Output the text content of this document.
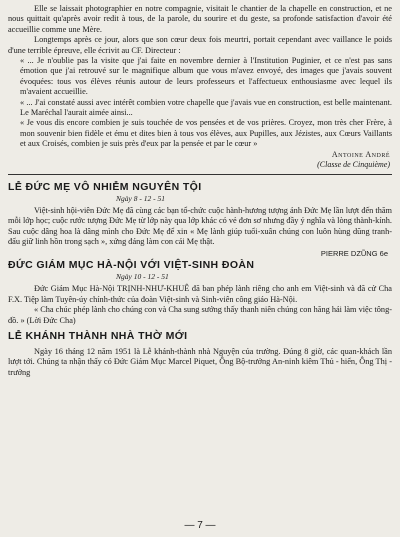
Elle se laissait photographier en notre compagnie, visitait le chantier de la chapelle en construction, et ne nous quittait qu'après avoir redit à tous, de la parole, du sourire et du geste, sa profonde satisfaction d'avoir été accueillie comme une Mère.

Longtemps après ce jour, alors que son cœur deux fois meurtri, portait cependant avec vaillance le poids d'une terrible épreuve, elle écrivit au CF. Directeur :

« ... Je n'oublie pas la visite que j'ai faite en novembre dernier à l'Institution Puginier, et ce n'est pas sans émotion que j'ai retrouvé sur le magnifique album que vous m'avez envoyé, des images que j'avais souvent évoquées: tous vos élèves réunis autour de leurs professeurs et l'affectueux enthousiasme avec lequel ils m'avaient accueillie.

« ... J'ai constaté aussi avec intérêt combien votre chapelle que j'avais vue en construction, est belle maintenant. Le Maréchal l'aurait aimée ainsi...

« Je vous dis encore combien je suis touchée de vos pensées et de vos prières. Croyez, mon très cher Frère, à mon souvenir bien fidèle et ému et dites bien à tous vos élèves, aux Pupilles, aux Jézistes, aux Cœurs Vaillants et aux Croisés, combien je suis près d'eux par la pensée et par le cœur »

Antoine André
(Classe de Cinquième)
LỄ ĐỨC MẸ VÔ NHIỄM NGUYÊN TỘI
Ngày 8 - 12 - 51

Việt-sinh hội-viên Đức Mẹ đã cùng các bạn tổ-chức cuộc hành-hương tượng ảnh Đức Mẹ lần lượt đến thăm mỗi lớp học; cuộc rước tượng Đức Mẹ từ lớp này qua lớp khác có vẻ đơn sơ nhưng đầy ý nghĩa và lòng thành-kính. Sau cuộc dâng hoa là dâng mình cho Đức Mẹ để xin « Mẹ lành giúp tuổi-xuân chúng con luôn hùng dũng tranh-đấu giữ linh hồn trong sạch », xứng đáng làm con cái Mẹ thật.

PIERRE DZŨNG 6e
ĐỨC GIÁM MỤC HÀ-NỘI VỚI VIỆT-SINH ĐOÀN
Ngày 10 - 12 - 51

Đức Giám Mục Hà-Nội TRỊNH-NHƯ-KHUÊ đã ban phép lành riêng cho anh em Việt-sinh và đã cử Cha F.X. Tiệp làm Tuyên-úy chính-thức của đoàn Việt-sinh và Sinh-viên công giáo Hà-Nội.

« Cha chúc phép lành cho chúng con và Cha sung sướng thấy thanh niên chúng con hăng hái làm việc tông-đồ. » (Lời Đức Cha)

LỄ KHÁNH THÀNH NHÀ THỜ MỚI

Ngày 16 tháng 12 năm 1951 là Lễ khánh-thành nhà Nguyện của trường. Đúng 8 giờ, các quan-khách lần lượt tới. Chúng ta nhận thấy có Đức Giám Mục Marcel Piquet, Ông Bộ-trưởng An-ninh kiêm Thủ - hiến, Ông Thị - trưởng

— 7 —
